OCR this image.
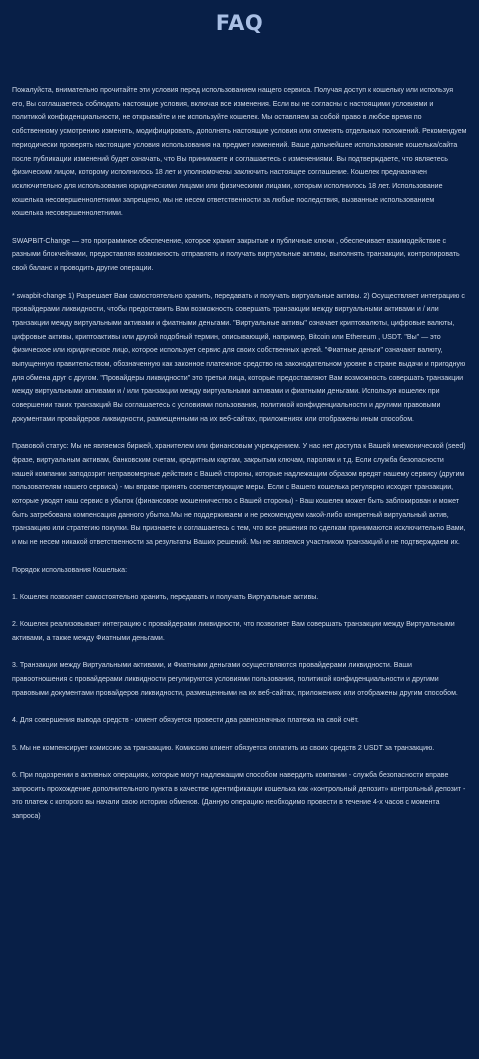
FAQ

Пожалуйста, внимательно прочитайте эти условия перед использованием нащего сервиса. Получая доступ к кошельку или используя его, Вы соглашаетесь соблюдать настоящие условия, включая все изменения. Если вы не согласны с настоящими условиями и политикой конфиденциальности, не открывайте и не используйте кошелек. Мы оставляем за собой право в любое время по собственному усмотрению изменять, модифицировать, дополнять настоящие условия или отменять отдельных положений. Рекомендуем периодически проверять настоящие условия использования на предмет изменений. Ваше дальнейшее использование кошелька/сайта после публикации изменений будет означать, что Вы принимаете и соглашаетесь с изменениями. Вы подтверждаете, что являетесь физическим лицом, которому исполнилось 18 лет и уполномочены заключить настоящее соглашение. Кошелек предназначен исключительно для использования юридическими лицами или физическими лицами, которым исполнилось 18 лет. Использование кошелька несовершеннолетними запрещено, мы не несем ответственности за любые последствия, вызванные использованием кошелька несовершеннолетними.

SWAPBIT-Change — это программное обеспечение, которое хранит закрытые и публичные ключи , обеспечивает взаимодействие с разными блокчейнами, предоставляя возможность отправлять и получать виртуальные активы, выполнять транзакции, контролировать свой баланс и проводить другие операции.

* swapbit-change 1) Разрешает Вам самостоятельно хранить, передавать и получать виртуальные активы. 2) Осуществляет интеграцию с провайдерами ликвидности, чтобы предоставить Вам возможность совершать транзакции между виртуальными активами и / или транзакции между виртуальными активами и фиатными деньгами. "Виртуальные активы" означает криптовалюты, цифровые валюты, цифровые активы, криптоактивы или другой подобный термин, описывающий, например, Bitcoin или Ethereum , USDT. "Вы" — это физическое или юридическое лицо, которое использует сервис для своих собственных целей. "Фиатные деньги" означают валюту, выпущенную правительством, обозначенную как законное платежное средство на законодательном уровне в стране выдачи и пригодную для обмена друг с другом. "Провайдеры ликвидности" это третьи лица, которые предоставляют Вам возможность совершать транзакции между виртуальными активами и / или транзакции между виртуальными активами и фиатными деньгами. Используя кошелек при совершении таких транзакций Вы соглашаетесь с условиями пользования, политикой конфиденциальности и другими правовыми документами провайдеров ликвидности, размещенными на их веб-сайтах, приложениях или отображены иным способом.

Правовой статус: Мы не являемся биржей, хранителем или финансовым учреждением. У нас нет доступа к Вашей мнемонической (seed) фразе, виртуальным активам, банковским счетам, кредитным картам, закрытым ключам, паролям и т.д. Если служба безопасности нашей компании заподозрит неправомерные действия с Вашей стороны, которые надлежащим образом вредят нашему сервису (другим пользователям нашего сервиса) - мы вправе принять соответсвующие меры. Если с Вашего кошелька регулярно исходят транзакции, которые уводят наш сервис в убыток (финансовое мошенничество с Вашей стороны) - Ваш кошелек может быть заблокирован и может быть затребована компенсация данного убытка.Мы не поддерживаем и не рекомендуем какой-либо конкретный виртуальный актив, транзакцию или стратегию покупки. Вы признаете и соглашаетесь с тем, что все решения по сделкам принимаются исключительно Вами, и мы не несем никакой ответственности за результаты Ваших решений. Мы не являемся участником транзакций и не подтверждаем их.

Порядок использования Кошелька:

1. Кошелек позволяет самостоятельно хранить, передавать и получать Виртуальные активы.

2. Кошелек реализовывает интеграцию с провайдерами ликвидности, что позволяет Вам совершать транзакции между Виртуальными активами, а также между Фиатными деньгами.

3. Транзакции между Виртуальными активами, и Фиатными деньгами осуществляются провайдерами ликвидности. Ваши правоотношения с провайдерами ликвидности регулируются условиями пользования, политикой конфиденциальности и другими правовыми документами провайдеров ликвидности, размещенными на их веб-сайтах, приложениях или отображены другим способом.

4. Для совершения вывода средств - клиент обязуется провести два равнозначных платежа на свой счёт.

5. Мы не компенсирует комиссию за транзакцию. Комиссию клиент обязуется оплатить из своих средств 2 USDT за транзакцию.

6. При подозрении в активных операциях, которые могут надлежащим способом навердить компании - служба безопасности вправе запросить прохождение дополнительного пункта в качестве идентификации кошелька как «контрольный депозит» контрольный депозит - это платеж с которого вы начали свою историю обменов. (Данную операцию необходимо провести в течение 4-х часов с момента запроса)
